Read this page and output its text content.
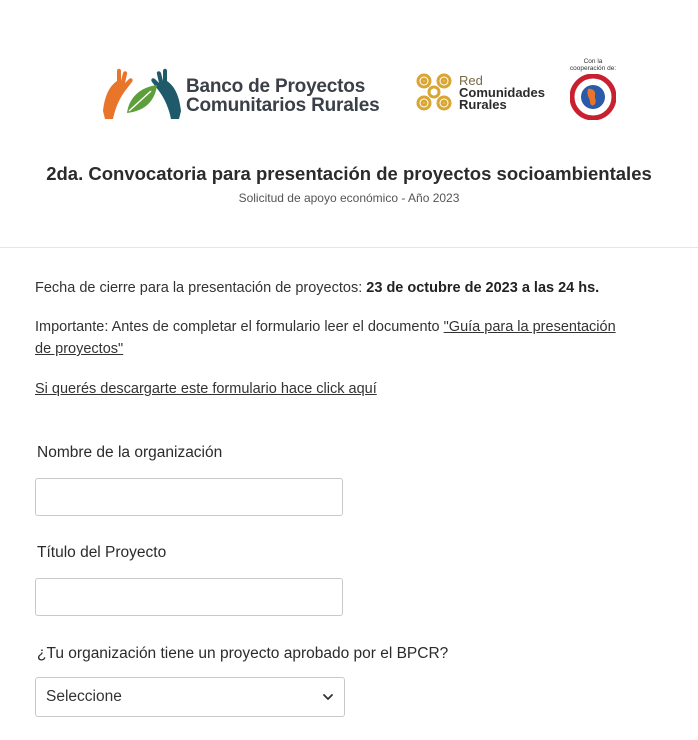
Banco de Proyectos
Comunitarios Rurales
Red
Comunidades
Rurales
Con la
cooperación de:
2da. Convocatoria para presentación de proyectos socioambientales
Solicitud de apoyo económico - Año 2023
Fecha de cierre para la presentación de proyectos: 23 de octubre de 2023 a las 24 hs.
Importante: Antes de completar el formulario leer el documento "Guía para la presentación
de proyectos"
Si querés descargarte este formulario hace click aquí
Nombre de la organización
Título del Proyecto
¿Tu organización tiene un proyecto aprobado por el BPCR?
Seleccione
